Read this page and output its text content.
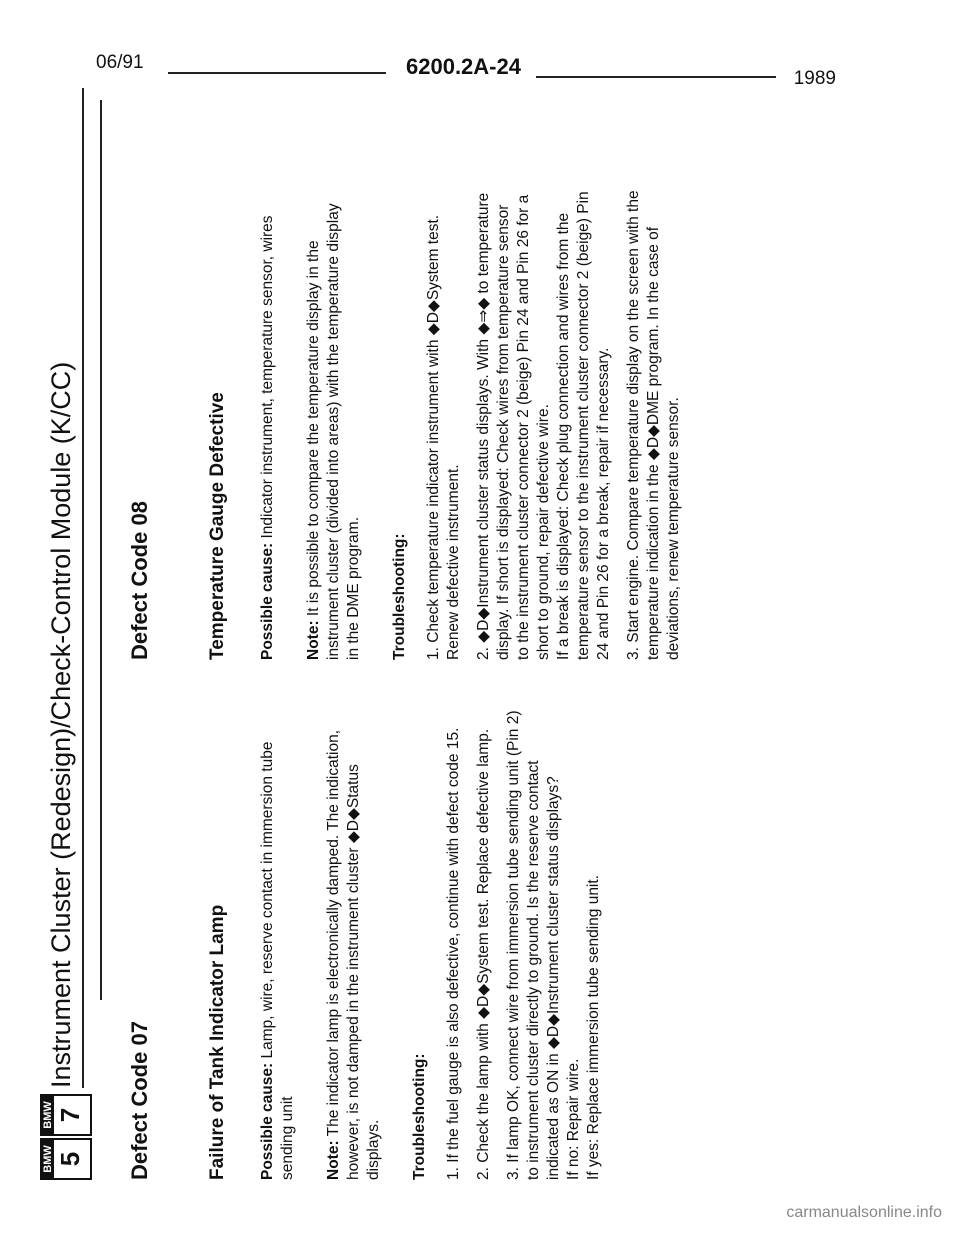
06/91	6200.2A-24	1989
BMW 5
BMW 7
Instrument Cluster (Redesign)/Check-Control Module (K/CC)
Defect Code 07	Failure of Tank Indicator Lamp Possible cause: Lamp, wire, reserve contact in immersion tube sending unit Note: The indicator lamp is electronically damped. The indication, however, is not damped in the instrument cluster ◆D◆Status displays. Troubleshooting: 1. If the fuel gauge is also defective, continue with defect code 15. 2. Check the lamp with ◆D◆System test. Replace defective lamp. 3. If lamp OK, connect wire from immersion tube sending unit (Pin 2) to instrument cluster directly to ground. Is the reserve contact indicated as ON in ◆D◆Instrument cluster status displays? If no: Repair wire. If yes: Replace immersion tube sending unit.

Defect Code 08	Temperature Gauge Defective Possible cause: Indicator instrument, temperature sensor, wires

Note: It is possible to compare the temperature display in the instrument cluster (divided into areas) with the temperature display in the DME program. Troubleshooting: 1. Check temperature indicator instrument with ◆D◆System test. Renew defective instrument. 2. ◆D◆Instrument cluster status displays. With ◆⇒◆ to temperature display. If short is displayed: Check wires from temperature sensor to the instrument cluster connector 2 (beige) Pin 24 and Pin 26 for a short to ground, repair defective wire. If a break is displayed: Check plug connection and wires from the temperature sensor to the instrument cluster connector 2 (beige) Pin 24 and Pin 26 for a break, repair if necessary. 3. Start engine. Compare temperature display on the screen with the temperature indication in the ◆D◆DME program. In the case of deviations, renew temperature sensor.

carmanualsonline.info
